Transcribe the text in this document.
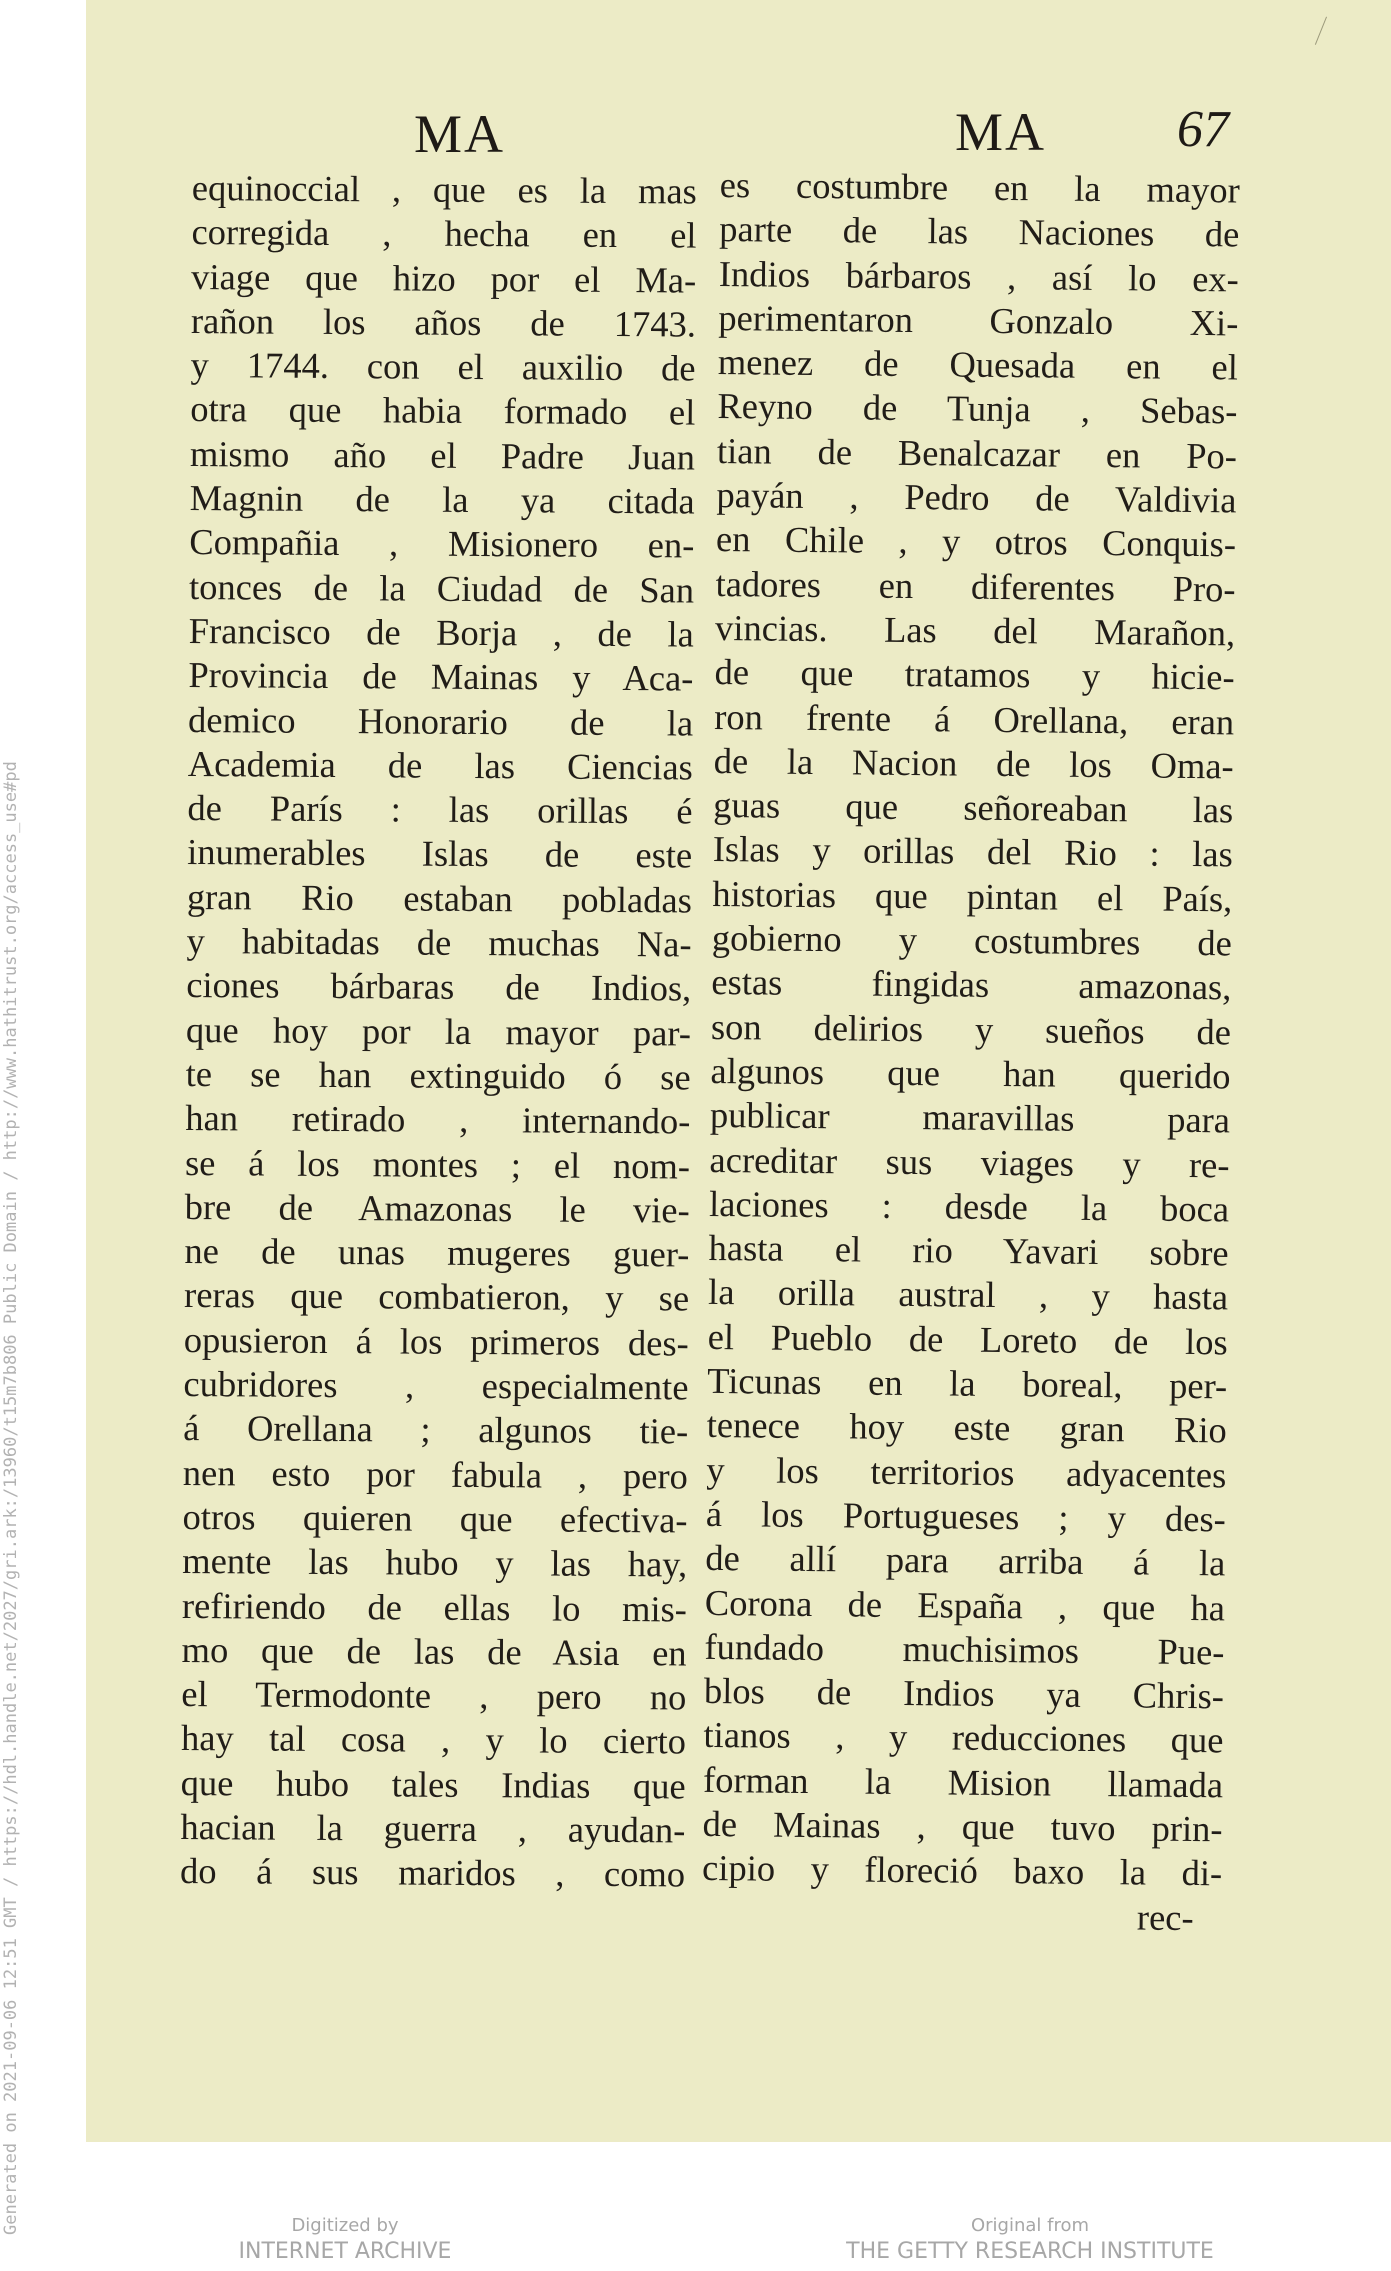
MA	MA	67
equinoccial , que es la mas
corregida , hecha en el
viage que hizo por el Ma-
rañon los años de 1743.
y 1744. con el auxilio de
otra que habia formado el
mismo año el Padre Juan
Magnin de la ya citada
Compañia , Misionero en-
tonces de la Ciudad de San
Francisco de Borja , de la
Provincia de Mainas y Aca-
demico Honorario de la
Academia de las Ciencias
de París : las orillas é
inumerables Islas de este
gran Rio estaban pobladas
y habitadas de muchas Na-
ciones bárbaras de Indios,
que hoy por la mayor par-
te se han extinguido ó se
han retirado , internando-
se á los montes ; el nom-
bre de Amazonas le vie-
ne de unas mugeres guer-
reras que combatieron, y se
opusieron á los primeros des-
cubridores , especialmente
á Orellana ; algunos tie-
nen esto por fabula , pero
otros quieren que efectiva-
mente las hubo y las hay,
refiriendo de ellas lo mis-
mo que de las de Asia en
el Termodonte , pero no
hay tal cosa , y lo cierto
que hubo tales Indias que
hacian la guerra , ayudan-
do á sus maridos , como
es costumbre en la mayor
parte de las Naciones de
Indios bárbaros , así lo ex-
perimentaron Gonzalo Xi-
menez de Quesada en el
Reyno de Tunja , Sebas-
tian de Benalcazar en Po-
payán , Pedro de Valdivia
en Chile , y otros Conquis-
tadores en diferentes Pro-
vincias. Las del Marañon,
de que tratamos y hicie-
ron frente á Orellana, eran
de la Nacion de los Oma-
guas que señoreaban las
Islas y orillas del Rio : las
historias que pintan el País,
gobierno y costumbres de
estas fingidas amazonas,
son delirios y sueños de
algunos que han querido
publicar maravillas para
acreditar sus viages y re-
laciones : desde la boca
hasta el rio Yavari sobre
la orilla austral , y hasta
el Pueblo de Loreto de los
Ticunas en la boreal, per-
tenece hoy este gran Rio
y los territorios adyacentes
á los Portugueses ; y des-
de allí para arriba á la
Corona de España , que ha
fundado muchisimos Pue-
blos de Indios ya Chris-
tianos , y reducciones que
forman la Mision llamada
de Mainas , que tuvo prin-
cipio y floreció baxo la di-
rec-
Generated on 2021-09-06 12:51 GMT / https://hdl.handle.net/2027/gri.ark:/13960/t15m7b806 Public Domain / http://www.hathitrust.org/access_use#pd	Digitized by
INTERNET ARCHIVE
Original from
THE GETTY RESEARCH INSTITUTE
